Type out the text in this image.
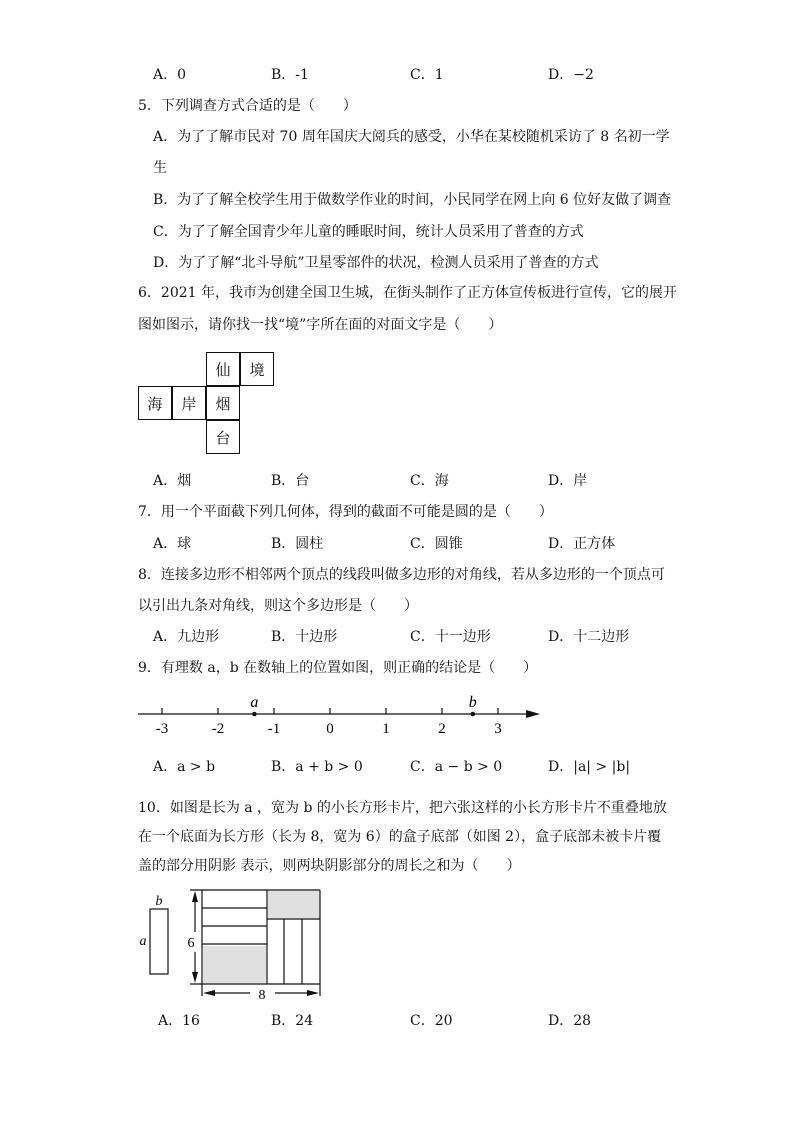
A．0	B．-1	C．1	D．−2
5．下列调查方式合适的是（　　）
A．为了了解市民对 70 周年国庆大阅兵的感受，小华在某校随机采访了 8 名初一学
生
B．为了了解全校学生用于做数学作业的时间，小民同学在网上向 6 位好友做了调查
C．为了了解全国青少年儿童的睡眠时间，统计人员采用了普查的方式
D．为了了解“北斗导航”卫星零部件的状况，检测人员采用了普查的方式
6．2021 年，我市为创建全国卫生城，在街头制作了正方体宣传板进行宣传，它的展开
图如图示，请你找一找“境”字所在面的对面文字是（　　）
仙	境
海	岸	烟
台
A．烟	B．台	C．海	D．岸
7．用一个平面截下列几何体，得到的截面不可能是圆的是（　　）
A．球	B．圆柱	C．圆锥	D．正方体
8．连接多边形不相邻两个顶点的线段叫做多边形的对角线，若从多边形的一个顶点可
以引出九条对角线，则这个多边形是（　　）
A．九边形	B．十边形	C．十一边形	D．十二边形
9．有理数 a，b 在数轴上的位置如图，则正确的结论是（　　）
-3	-2	-1	0	1	2	3
a	b
A．a > b	B．a + b > 0	C．a − b > 0	D．|a| > |b|
10．如图是长为 a ，宽为 b 的小长方形卡片，把六张这样的小长方形卡片不重叠地放
在一个底面为长方形（长为 8，宽为 6）的盒子底部（如图 2），盒子底部未被卡片覆
盖的部分用阴影 表示，则两块阴影部分的周长之和为（　　）
b
a	6
8
A．16	B．24	C．20	D．28
